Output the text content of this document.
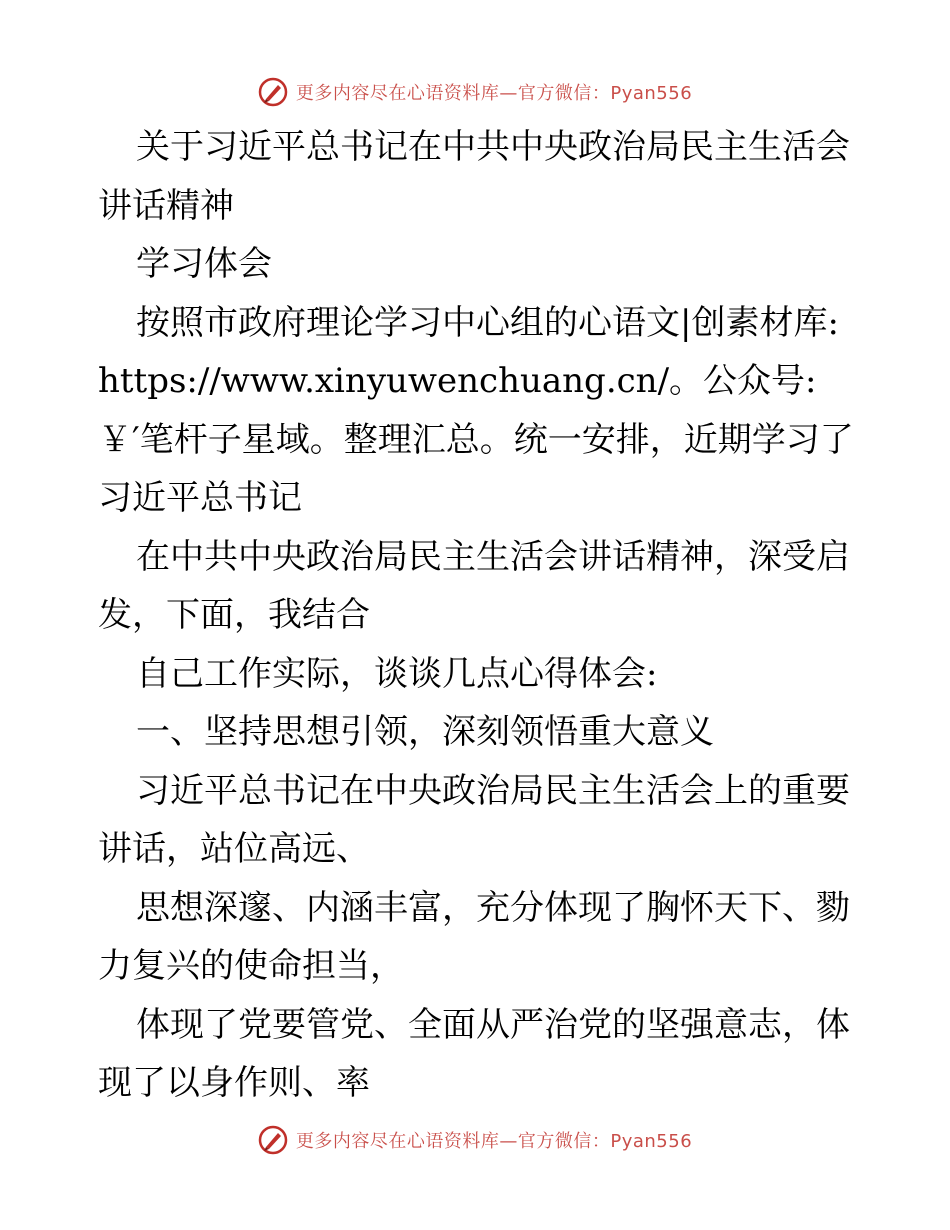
更多内容尽在心语资料库—官方微信：Pyan556

关于习近平总书记在中共中央政治局民主生活会讲话精神

学习体会

按照市政府理论学习中心组的心语文|创素材库: https://www.xinyuwenchuang.cn/。公众号: ￥′笔杆子星域。整理汇总。统一安排，近期学习了习近平总书记

在中共中央政治局民主生活会讲话精神，深受启发，下面，我结合

自己工作实际，谈谈几点心得体会:

一、坚持思想引领，深刻领悟重大意义

习近平总书记在中央政治局民主生活会上的重要讲话，站位高远、

思想深邃、内涵丰富，充分体现了胸怀天下、勠力复兴的使命担当，

体现了党要管党、全面从严治党的坚强意志，体现了以身作则、率

更多内容尽在心语资料库—官方微信：Pyan556
